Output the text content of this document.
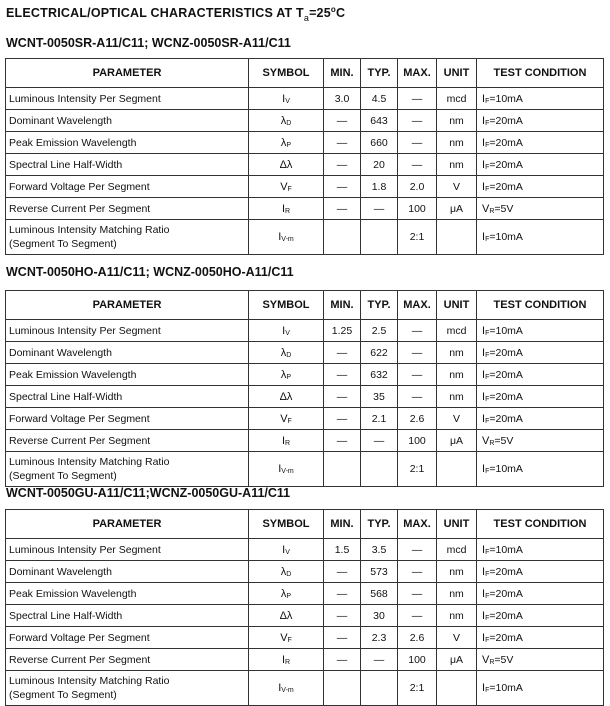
ELECTRICAL/OPTICAL CHARACTERISTICS AT $T_a=25^oC$
WCNT-0050SR-A11/C11; WCNZ-0050SR-A11/C11
PARAMETER	SYMBOL	MIN.	TYP.	MAX.	UNIT	TEST CONDITION
Luminous Intensity Per Segment	IV	3.0	4.5	—	mcd	IF=10mA
Dominant Wavelength	λD	—	643	—	nm	IF=20mA
Peak Emission Wavelength	λP	—	660	—	nm	IF=20mA
Spectral Line Half-Width	Δλ	—	20	—	nm	IF=20mA
Forward Voltage Per Segment	VF	—	1.8	2.0	V	IF=20mA
Reverse Current Per Segment	IR	—	—	100	μA	VR=5V
Luminous Intensity Matching Ratio
(Segment To Segment)	IV-m			2:1		IF=10mA
WCNT-0050HO-A11/C11; WCNZ-0050HO-A11/C11
PARAMETER	SYMBOL	MIN.	TYP.	MAX.	UNIT	TEST CONDITION
Luminous Intensity Per Segment	IV	1.25	2.5	—	mcd	IF=10mA
Dominant Wavelength	λD	—	622	—	nm	IF=20mA
Peak Emission Wavelength	λP	—	632	—	nm	IF=20mA
Spectral Line Half-Width	Δλ	—	35	—	nm	IF=20mA
Forward Voltage Per Segment	VF	—	2.1	2.6	V	IF=20mA
Reverse Current Per Segment	IR	—	—	100	μA	VR=5V
Luminous Intensity Matching Ratio
(Segment To Segment)	IV-m			2:1		IF=10mA
WCNT-0050GU-A11/C11;WCNZ-0050GU-A11/C11
PARAMETER	SYMBOL	MIN.	TYP.	MAX.	UNIT	TEST CONDITION
Luminous Intensity Per Segment	IV	1.5	3.5	—	mcd	IF=10mA
Dominant Wavelength	λD	—	573	—	nm	IF=20mA
Peak Emission Wavelength	λP	—	568	—	nm	IF=20mA
Spectral Line Half-Width	Δλ	—	30	—	nm	IF=20mA
Forward Voltage Per Segment	VF	—	2.3	2.6	V	IF=20mA
Reverse Current Per Segment	IR	—	—	100	μA	VR=5V
Luminous Intensity Matching Ratio
(Segment To Segment)	IV-m			2:1		IF=10mA
